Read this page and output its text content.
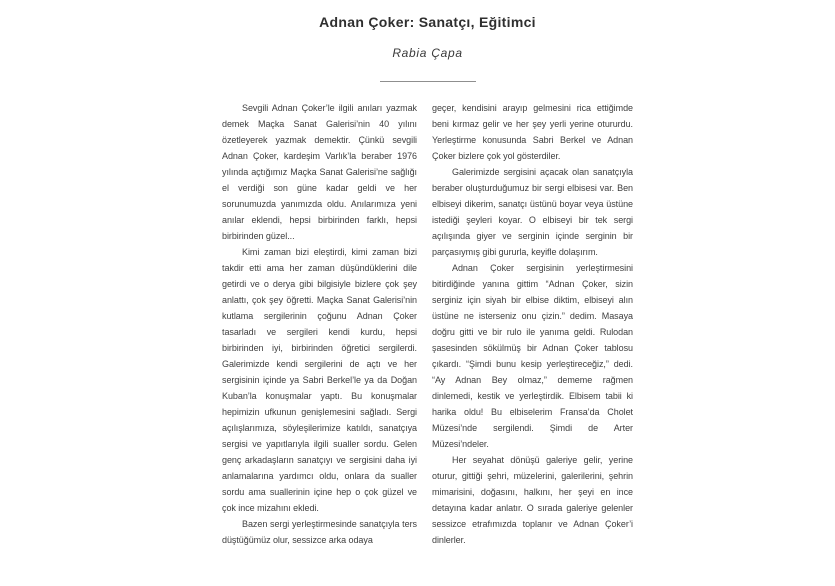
Adnan Çoker: Sanatçı, Eğitimci
Rabia Çapa

Sevgili Adnan Çoker’le ilgili anıları yazmak demek Maçka Sanat Galerisi’nin 40 yılını özetleyerek yazmak demektir. Çünkü sevgili Adnan Çoker, kardeşim Varlık’la beraber 1976 yılında açtığımız Maçka Sanat Galerisi’ne sağlığı el verdiği son güne kadar geldi ve her sorunumuzda yanımızda oldu. Anılarımıza yeni anılar eklendi, hepsi birbirinden farklı, hepsi birbirinden güzel...

Kimi zaman bizi eleştirdi, kimi zaman bizi takdir etti ama her zaman düşündüklerini dile getirdi ve o derya gibi bilgisiyle bizlere çok şey anlattı, çok şey öğretti. Maçka Sanat Galerisi’nin kutlama sergilerinin çoğunu Adnan Çoker tasarladı ve sergileri kendi kurdu, hepsi birbirinden iyi, birbirinden öğretici sergilerdi. Galerimizde kendi sergilerini de açtı ve her sergisinin içinde ya Sabri Berkel’le ya da Doğan Kuban’la konuşmalar yaptı. Bu konuşmalar hepimizin ufkunun genişlemesini sağladı. Sergi açılışlarımıza, söyleşilerimize katıldı, sanatçıya sergisi ve yapıtlarıyla ilgili sualler sordu. Gelen genç arkadaşların sanatçıyı ve sergisini daha iyi anlamalarına yardımcı oldu, onlara da sualler sordu ama suallerinin içine hep o çok güzel ve çok ince mizahını ekledi.

Bazen sergi yerleştirmesinde sanatçıyla ters düştüğümüz olur, sessizce arka odaya

geçer, kendisini arayıp gelmesini rica ettiğimde beni kırmaz gelir ve her şey yerli yerine otururdu. Yerleştirme konusunda Sabri Berkel ve Adnan Çoker bizlere çok yol gösterdiler.

Galerimizde sergisini açacak olan sanatçıyla beraber oluşturduğumuz bir sergi elbisesi var. Ben elbiseyi dikerim, sanatçı üstünü boyar veya üstüne istediği şeyleri koyar. O elbiseyi bir tek sergi açılışında giyer ve serginin içinde serginin bir parçasıymış gibi gururla, keyifle dolaşırım.

Adnan Çoker sergisinin yerleştirmesini bitirdiğinde yanına gittim “Adnan Çoker, sizin serginiz için siyah bir elbise diktim, elbiseyi alın üstüne ne isterseniz onu çizin.” dedim. Masaya doğru gitti ve bir rulo ile yanıma geldi. Rulodan şasesinden sökülmüş bir Adnan Çoker tablosu çıkardı. “Şimdi bunu kesip yerleştireceğiz,” dedi. “Ay Adnan Bey olmaz,” dememe rağmen dinlemedi, kestik ve yerleştirdik. Elbisem tabii ki harika oldu! Bu elbiselerim Fransa’da Cholet Müzesi’nde sergilendi. Şimdi de Arter Müzesi’ndeler.

Her seyahat dönüşü galeriye gelir, yerine oturur, gittiği şehri, müzelerini, galerilerini, şehrin mimarisini, doğasını, halkını, her şeyi en ince detayına kadar anlatır. O sırada galeriye gelenler sessizce etrafımızda toplanır ve Adnan Çoker’i dinlerler.
